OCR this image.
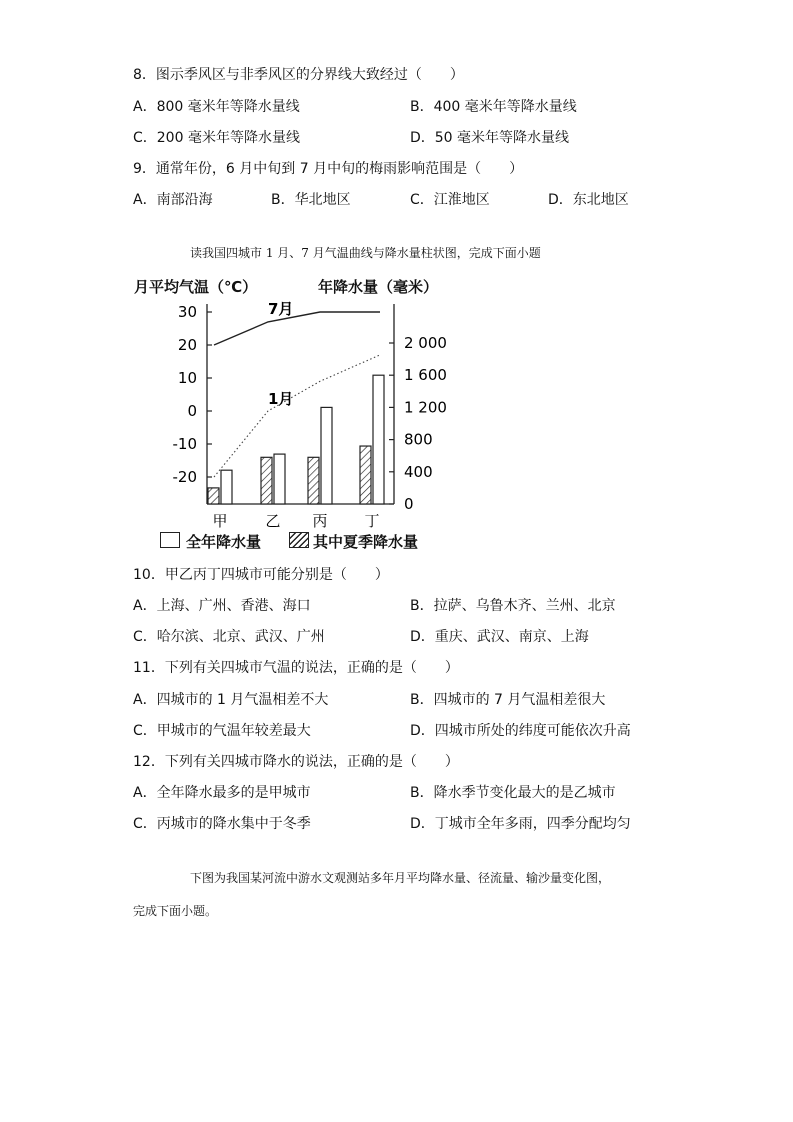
8．图示季风区与非季风区的分界线大致经过（　　）
A．800 毫米年等降水量线	B．400 毫米年等降水量线
C．200 毫米年等降水量线	D．50 毫米年等降水量线
9．通常年份，6 月中旬到 7 月中旬的梅雨影响范围是（　　）
A．南部沿海	B．华北地区	C．江淮地区	D．东北地区
读我国四城市 1 月、7 月气温曲线与降水量柱状图，完成下面小题
月平均气温（℃）	年降水量（毫米）
30
20
10
0
-10
-20
2 000
1 600
1 200
800
400
0
甲	乙 丙 丁
7月
1月
全年降水量	其中夏季降水量
10．甲乙丙丁四城市可能分别是（　　）
A．上海、广州、香港、海口	B．拉萨、乌鲁木齐、兰州、北京
C．哈尔滨、北京、武汉、广州	D．重庆、武汉、南京、上海
11．下列有关四城市气温的说法，正确的是（　　）
A．四城市的 1 月气温相差不大	B．四城市的 7 月气温相差很大
C．甲城市的气温年较差最大	D．四城市所处的纬度可能依次升高
12．下列有关四城市降水的说法，正确的是（　　）
A．全年降水最多的是甲城市	B．降水季节变化最大的是乙城市
C．丙城市的降水集中于冬季	D．丁城市全年多雨，四季分配均匀
下图为我国某河流中游水文观测站多年月平均降水量、径流量、输沙量变化图，
完成下面小题。
